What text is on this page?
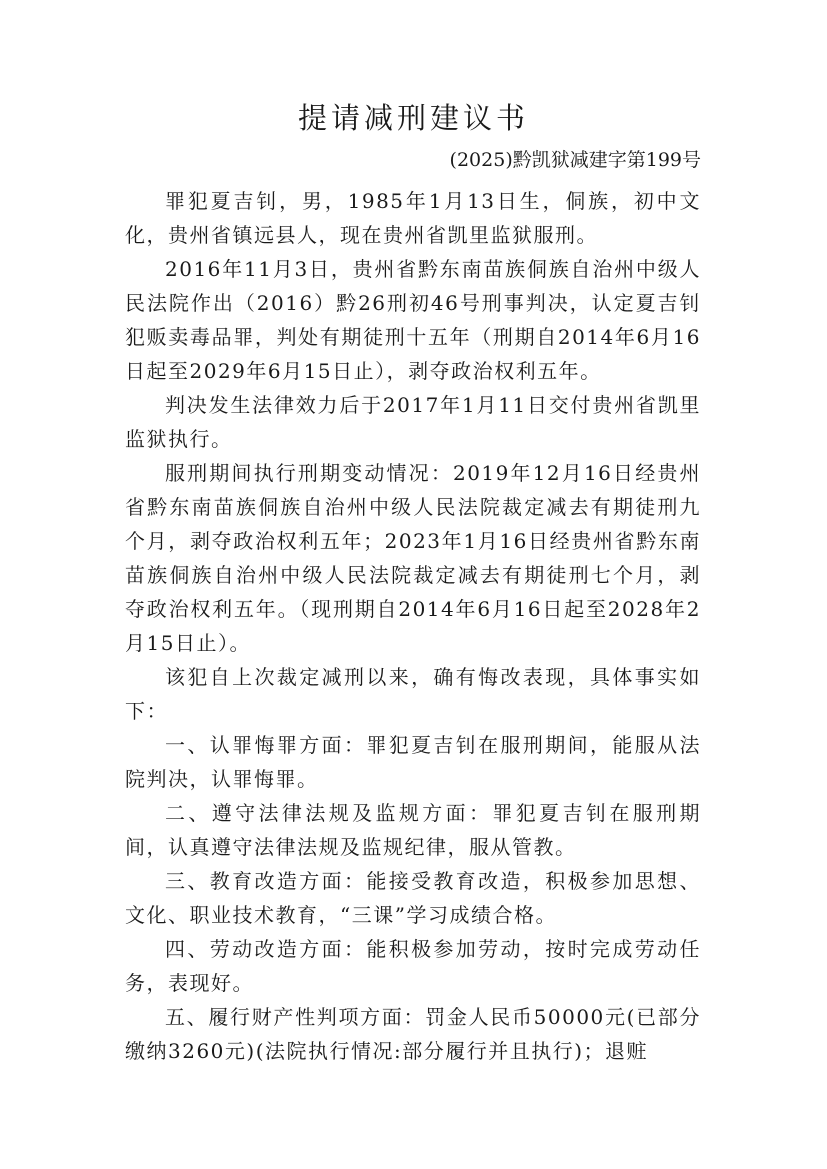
提请减刑建议书
(2025)黔凯狱减建字第199号

罪犯夏吉钊，男，1985年1月13日生，侗族，初中文化，贵州省镇远县人，现在贵州省凯里监狱服刑。

2016年11月3日，贵州省黔东南苗族侗族自治州中级人民法院作出（2016）黔26刑初46号刑事判决，认定夏吉钊犯贩卖毒品罪，判处有期徒刑十五年（刑期自2014年6月16日起至2029年6月15日止），剥夺政治权利五年。

判决发生法律效力后于2017年1月11日交付贵州省凯里监狱执行。

服刑期间执行刑期变动情况：2019年12月16日经贵州省黔东南苗族侗族自治州中级人民法院裁定减去有期徒刑九个月，剥夺政治权利五年；2023年1月16日经贵州省黔东南苗族侗族自治州中级人民法院裁定减去有期徒刑七个月，剥夺政治权利五年。（现刑期自2014年6月16日起至2028年2月15日止）。

该犯自上次裁定减刑以来，确有悔改表现，具体事实如下：

一、认罪悔罪方面：罪犯夏吉钊在服刑期间，能服从法院判决，认罪悔罪。

二、遵守法律法规及监规方面：罪犯夏吉钊在服刑期间，认真遵守法律法规及监规纪律，服从管教。

三、教育改造方面：能接受教育改造，积极参加思想、文化、职业技术教育，“三课”学习成绩合格。

四、劳动改造方面：能积极参加劳动，按时完成劳动任务，表现好。

五、履行财产性判项方面：罚金人民币50000元(已部分缴纳3260元)(法院执行情况:部分履行并且执行)；退赃
